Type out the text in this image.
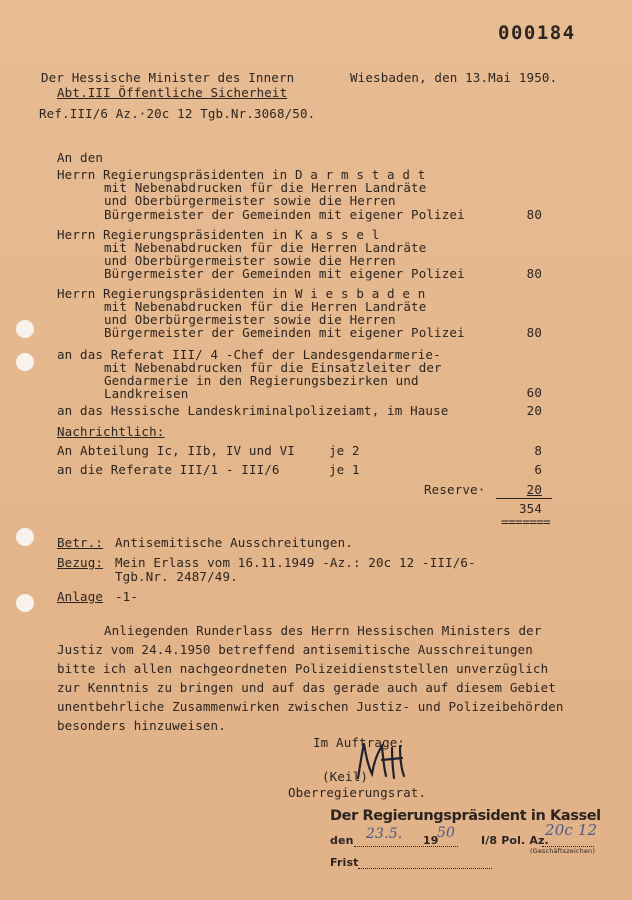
000184
Der Hessische Minister des Innern	Wiesbaden, den 13.Mai 1950.
Abt.III Öffentliche Sicherheit
Ref.III/6 Az.·20c 12 Tgb.Nr.3068/50.
An den
Herrn Regierungspräsidenten in D a r m s t a d t
mit Nebenabdrucken für die Herren Landräte
und Oberbürgermeister sowie die Herren
Bürgermeister der Gemeinden mit eigener Polizei	80
Herrn Regierungspräsidenten in K a s s e l
mit Nebenabdrucken für die Herren Landräte
und Oberbürgermeister sowie die Herren
Bürgermeister der Gemeinden mit eigener Polizei	80
Herrn Regierungspräsidenten in W i e s b a d e n
mit Nebenabdrucken für die Herren Landräte
und Oberbürgermeister sowie die Herren
Bürgermeister der Gemeinden mit eigener Polizei	80
an das Referat III/ 4 -Chef der Landesgendarmerie-
mit Nebenabdrucken für die Einsatzleiter der
Gendarmerie in den Regierungsbezirken und
Landkreisen	60
an das Hessische Landeskriminalpolizeiamt, im Hause	20
Nachrichtlich:
An Abteilung Ic, IIb, IV und VI	je 2	8
an die Referate III/1 - III/6	je 1	6
Reserve·	20
354
=======
Betr.: Antisemitische Ausschreitungen.
Bezug: Mein Erlass vom 16.11.1949 -Az.: 20c 12 -III/6-
Tgb.Nr. 2487/49.
Anlage -1-
Anliegenden Runderlass des Herrn Hessischen Ministers der
Justiz vom 24.4.1950 betreffend antisemitische Ausschreitungen
bitte ich allen nachgeordneten Polizeidienststellen unverzüglich
zur Kenntnis zu bringen und auf das gerade auch auf diesem Gebiet
unentbehrliche Zusammenwirken zwischen Justiz- und Polizeibehörden
besonders hinzuweisen.
Im Auftrage:
(Keil)
Oberregierungsrat.
Der Regierungspräsident in Kassel
den 23.5. 19
50 I/8 Pol. Az.
20c 12
(Geschäftszeichen)
Frist
